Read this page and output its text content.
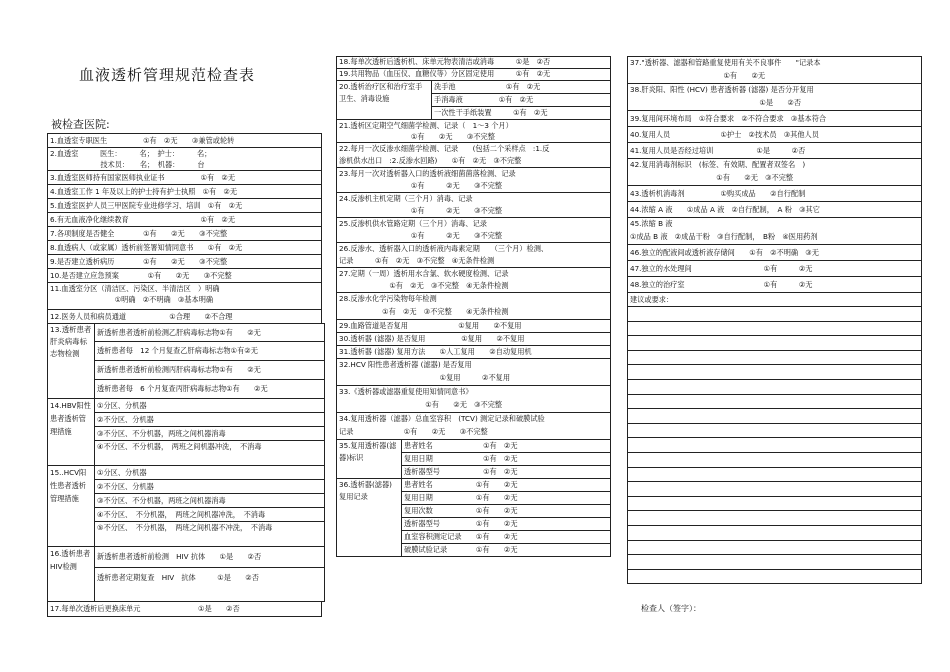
血液透析管理规范检查表
被检查医院:
1.血透室专职医生　　　　　①有　②无　　③兼管或轮转

2.血透室　　　医生：　　　名；　护士：　　　名；
　　　　　　　技术员：　　名；　机器：　　　台

3.血透室医师持有国家医师执业证书　　　　　①有　②无

4.血透室工作 1 年及以上的护士持有护士执照　①有　②无

5.血透室医护人员三甲医院专业进修学习、培训　①有　②无

6.有无血液净化继续教育　　　　　　　　　　①有　②无

7.各项制度是否健全　　　　①有　　②无　　③不完整

8.血透病人（或家属）透析前签署知情同意书　　①有　②无

9.是否建立透析病历　　　　①有　　②无　　③不完整

10.是否建立应急预案　　　　①有　　②无　　③不完整

11.血透室分区（清洁区、污染区、半清洁区　）明确
　　　　　　　　　①明确　②不明确　③基本明确

12.医务人员和病员通道　　　　　　①合理　　②不合理
13.透析患者肝炎病毒标志物检测	新透析患者透析前检测乙肝病毒标志物①有　　②无
透析患者每　12 个月复查乙肝病毒标志物①有②无
新透析患者透析前检测丙肝病毒标志物①有　　②无
透析患者每　6 个月复查丙肝病毒标志物①有　　②无
14.HBV阳性患者透析管理措施	①分区、分机器
②不分区、分机器
③不分区、不分机器，两班之间机器消毒
④不分区、不分机器，　两班之间机器冲洗，　不消毒
15..HCV阳性患者透析管理措施	①分区、分机器
②不分区、分机器
③不分区、不分机器，两班之间机器消毒
④不分区、　不分机器，　两班之间机器冲洗，　不消毒
⑤不分区、　不分机器，　两班之间机器不冲洗，　不消毒
16.透析患者HIV检测	新透析患者透析前检测　HIV 抗体　　①是　　②否
透析患者定期复查　HIV　抗体　　　①是　　②否
17.每单次透析后更换床单元　　　　　　　　①是　　②否
18.每单次透析后透析机、床单元物表清洁或消毒　　　①是　②否
19.共用物品（血压仪、血糖仪等）分区固定使用　　　①有　②无
20.透析治疗区和治疗室手卫生、消毒设施	洗手池　　　　　　　①有　②无
手消毒液　　　　　①有　②无
一次性干手纸装置　　　①有　②无
21.透析区定期空气细菌学检测、记录（　1～3 个月）
　　　　　　　　　　①有　　②无　　③不完整

22.每月一次反渗水细菌学检测、记录　　(包括二个采样点　:1.反
渗机供水出口　:2.反渗水回路)　　①有　②无　③不完整

23.每月一次对透析器入口的透析液细菌菌落检测、记录
　　　　　　　　　　①有　　　②无　　③不完整

24.反渗机主机定期（三个月）消毒、记录
　　　　　　　　　　①有　　　②无　　③不完整

25.反渗机供水管路定期（三个月）消毒、记录
　　　　　　　　　　①有　　　②无　　③不完整

26.反渗水、透析器入口的透析液内毒素定期　　（三个月）检测、
记录　　　①有　②无　③不完整　④无条件检测

27.定期（一周）透析用水含氯、软水硬度检测、记录
　　　　　　　①有　②无　③不完整　④无条件检测

28.反渗水化学污染物每年检测
　　　　　　①有　②无　③不完整　　④无条件检测

29.血路管道是否复用　　　　　　　①复用　　②不复用
30.透析器 (滤器) 是否复用　　　　　①复用　　②不复用
31.透析器 (滤器) 复用方法　　①人工复用　　②自动复用机

32.HCV 阳性患者透析器 (滤器) 是否复用
　　　　　　　　　　　　　　①复用　　　②不复用

33.《透析器或滤器重复使用知情同意书》
　　　　　　　　　　　　①有　　②无　③不完整

34.复用透析器（滤器）总血室容积　(TCV) 测定记录和破膜试验
记录　　　　　　　①有　　②无　　③不完整
35.复用透析器(滤器)标识	患者姓名　　　　　　　①有　②无
复用日期　　　　　　　①有　②无
透析器型号　　　　　　①有　②无
36.透析器(滤器)复用记录	患者姓名　　　　　　①有　　②无
复用日期　　　　　　①有　　②无
复用次数　　　　　　①有　　②无
透析器型号　　　　　①有　　②无
血室容积测定记录　　①有　　②无
破膜试验记录　　　　①有　　②无
37."透析器、滤器和管路重复使用有关不良事件　　"记录本
　　　　　　　　　　　　　①有　　②无

38.肝炎阳、阳性 (HCV) 患者透析器 (滤器) 是否分开复用
　　　　　　　　　　　　　　　　　　①是　　②否

39.复用间环境布局　①符合要求　②不符合要求　③基本符合

40.复用人员　　　　　　　①护士　②技术员　③其他人员

41.复用人员是否经过培训　　　　　　①是　　　②否

42.复用消毒剂标识　(标签、有效期、配置者双签名　)
　　　　　　　　　　　　①有　　②无　③不完整

43.透析机消毒剂　　　　　①购买成品　　②自行配制

44.浓缩 A 液　　①成品 A 液　②自行配制，　A 粉　③其它

45.浓缩 B 液
①成品 B 液　②成品干粉　③自行配制，　B粉　④医用药剂

46.独立的配液间或透析液存储间　　①有　②不明确　③无

47.独立的水处理间　　　　　　　　　　①有　　　②无

48.独立的治疗室　　　　　　　　　　　①有　　　②无
建议或要求：

检查人（签字）：
